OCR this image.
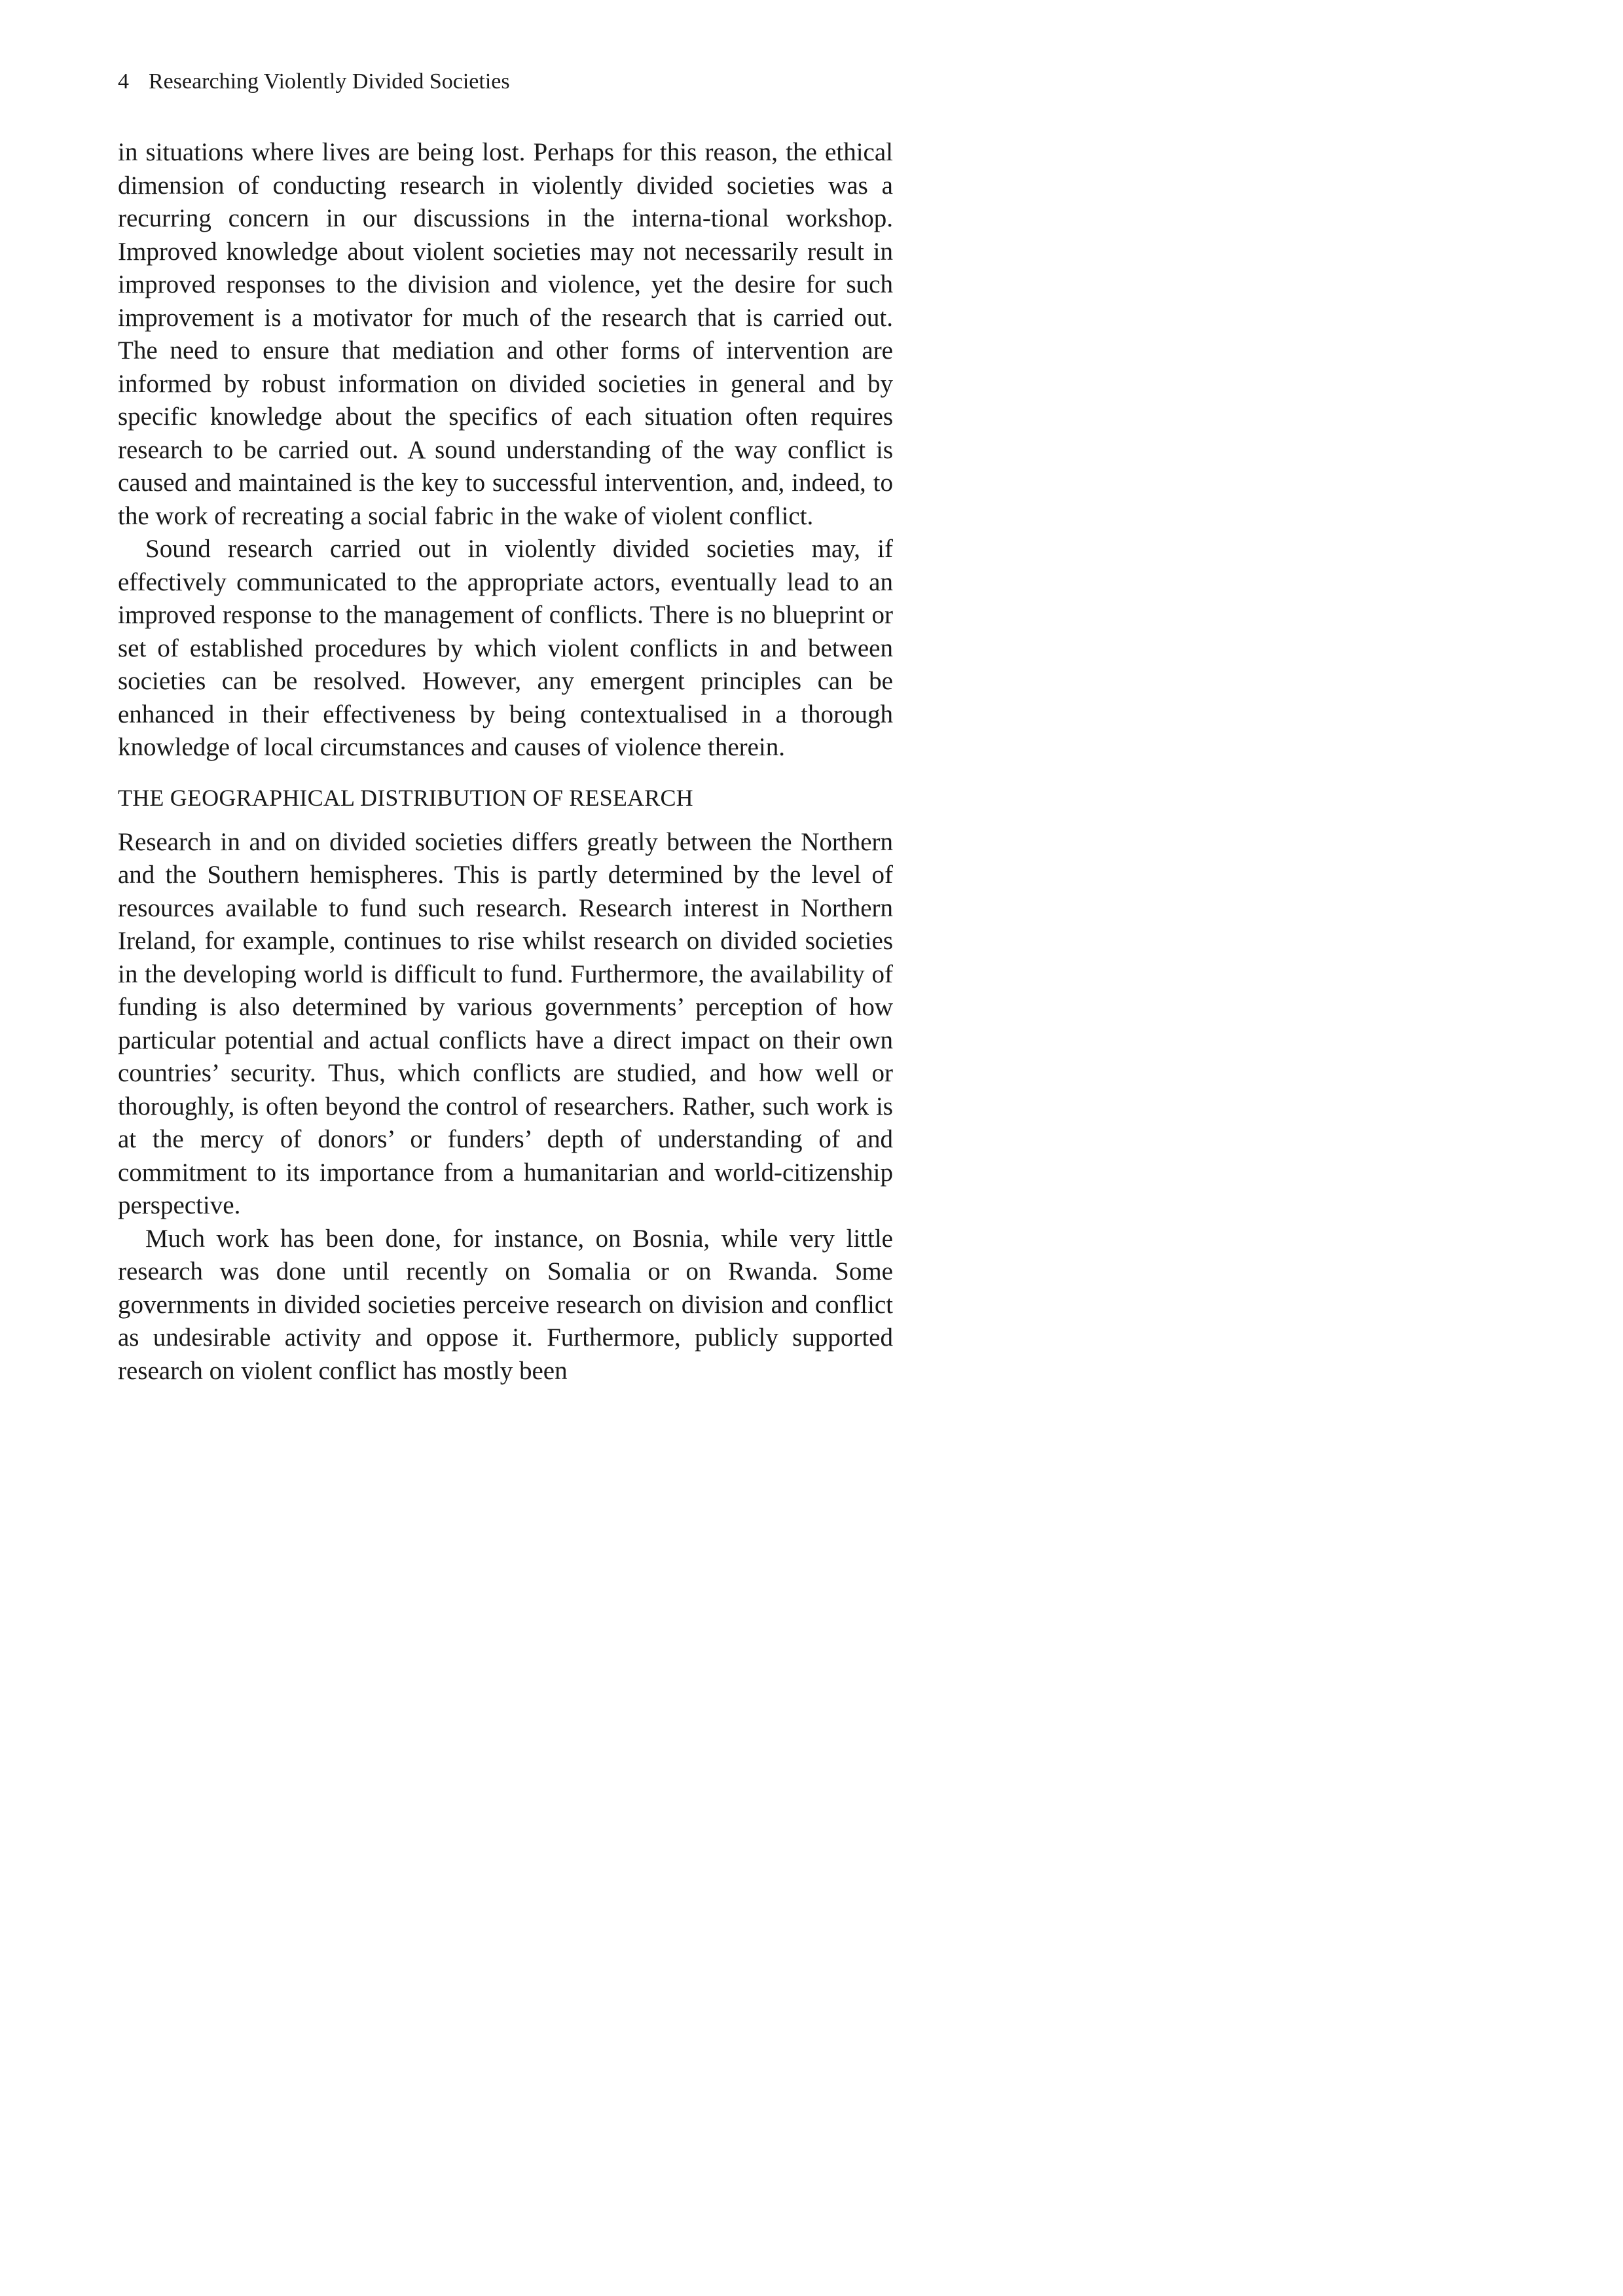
4 Researching Violently Divided Societies

in situations where lives are being lost. Perhaps for this reason, the ethical dimension of conducting research in violently divided societies was a recurring concern in our discussions in the interna-tional workshop. Improved knowledge about violent societies may not necessarily result in improved responses to the division and violence, yet the desire for such improvement is a motivator for much of the research that is carried out. The need to ensure that mediation and other forms of intervention are informed by robust information on divided societies in general and by specific knowledge about the specifics of each situation often requires research to be carried out. A sound understanding of the way conflict is caused and maintained is the key to successful intervention, and, indeed, to the work of recreating a social fabric in the wake of violent conflict.

Sound research carried out in violently divided societies may, if effectively communicated to the appropriate actors, eventually lead to an improved response to the management of conflicts. There is no blueprint or set of established procedures by which violent conflicts in and between societies can be resolved. However, any emergent principles can be enhanced in their effectiveness by being contextualised in a thorough knowledge of local circumstances and causes of violence therein.

THE GEOGRAPHICAL DISTRIBUTION OF RESEARCH

Research in and on divided societies differs greatly between the Northern and the Southern hemispheres. This is partly determined by the level of resources available to fund such research. Research interest in Northern Ireland, for example, continues to rise whilst research on divided societies in the developing world is difficult to fund. Furthermore, the availability of funding is also determined by various governments’ perception of how particular potential and actual conflicts have a direct impact on their own countries’ security. Thus, which conflicts are studied, and how well or thoroughly, is often beyond the control of researchers. Rather, such work is at the mercy of donors’ or funders’ depth of understanding of and commitment to its importance from a humanitarian and world-citizenship perspective.

Much work has been done, for instance, on Bosnia, while very little research was done until recently on Somalia or on Rwanda. Some governments in divided societies perceive research on division and conflict as undesirable activity and oppose it. Furthermore, publicly supported research on violent conflict has mostly been
